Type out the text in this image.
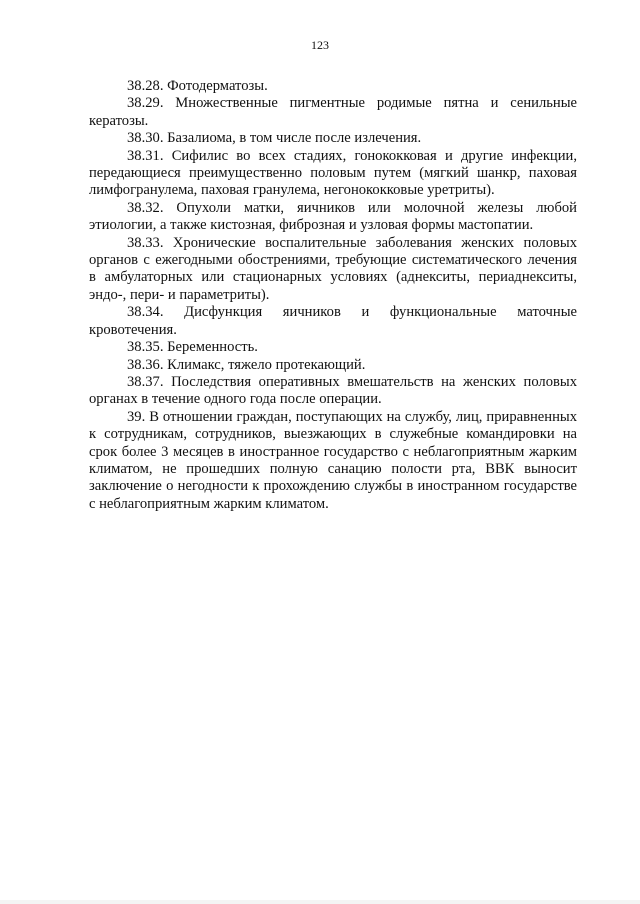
123

38.28. Фотодерматозы.

38.29. Множественные пигментные родимые пятна и сенильные кератозы.

38.30. Базалиома, в том числе после излечения.

38.31. Сифилис во всех стадиях, гонококковая и другие инфекции, передающиеся преимущественно половым путем (мягкий шанкр, паховая лимфогранулема, паховая гранулема, негонококковые уретриты).

38.32. Опухоли матки, яичников или молочной железы любой этиологии, а также кистозная, фиброзная и узловая формы мастопатии.

38.33. Хронические воспалительные заболевания женских половых органов с ежегодными обострениями, требующие систематического лечения в амбулаторных или стационарных условиях (аднекситы, периаднекситы, эндо-, пери- и параметриты).

38.34. Дисфункция яичников и функциональные маточные кровотечения.

38.35. Беременность.

38.36. Климакс, тяжело протекающий.

38.37. Последствия оперативных вмешательств на женских половых органах в течение одного года после операции.

39. В отношении граждан, поступающих на службу, лиц, приравненных к сотрудникам, сотрудников, выезжающих в служебные командировки на срок более 3 месяцев в иностранное государство с неблагоприятным жарким климатом, не прошедших полную санацию полости рта, ВВК выносит заключение о негодности к прохождению службы в иностранном государстве с неблагоприятным жарким климатом.
